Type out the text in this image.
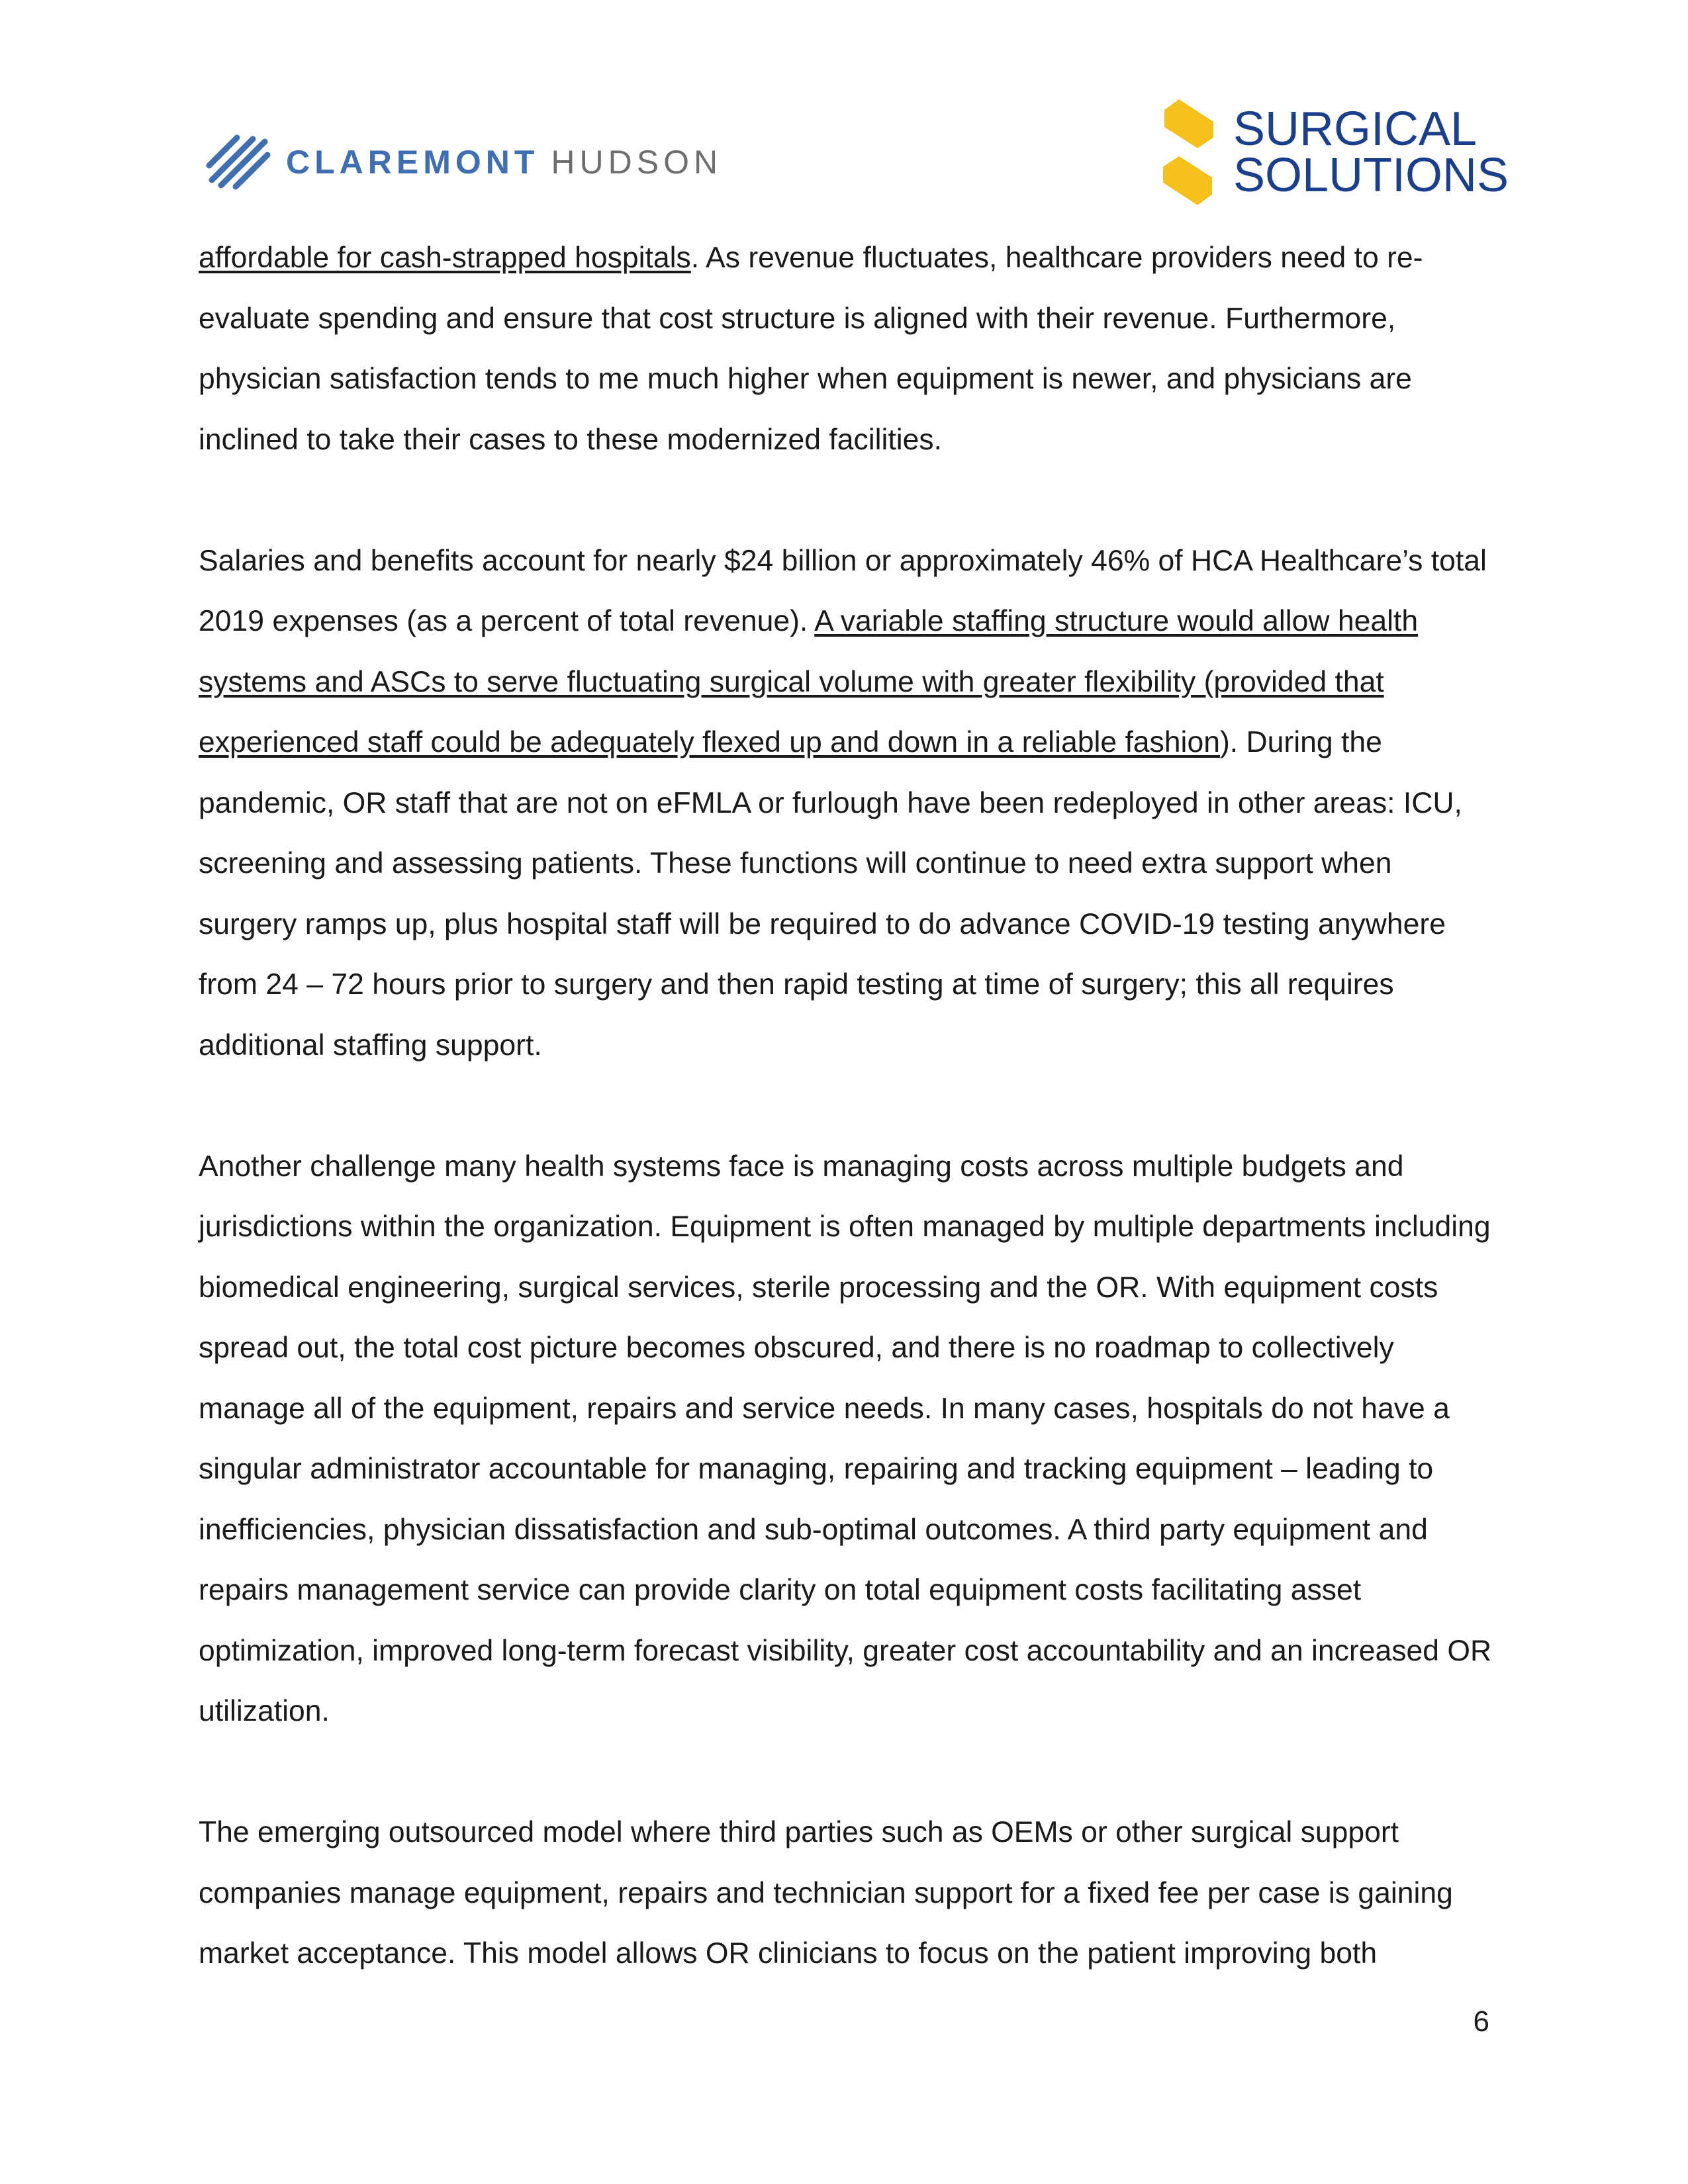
CLAREMONT HUDSON
SURGICAL
SOLUTIONS

affordable for cash-strapped hospitals. As revenue fluctuates, healthcare providers need to re-evaluate spending and ensure that cost structure is aligned with their revenue. Furthermore, physician satisfaction tends to me much higher when equipment is newer, and physicians are inclined to take their cases to these modernized facilities.

Salaries and benefits account for nearly $24 billion or approximately 46% of HCA Healthcare’s total 2019 expenses (as a percent of total revenue). A variable staffing structure would allow health systems and ASCs to serve fluctuating surgical volume with greater flexibility (provided that experienced staff could be adequately flexed up and down in a reliable fashion). During the pandemic, OR staff that are not on eFMLA or furlough have been redeployed in other areas: ICU, screening and assessing patients. These functions will continue to need extra support when surgery ramps up, plus hospital staff will be required to do advance COVID-19 testing anywhere from 24 – 72 hours prior to surgery and then rapid testing at time of surgery; this all requires additional staffing support.

Another challenge many health systems face is managing costs across multiple budgets and jurisdictions within the organization. Equipment is often managed by multiple departments including biomedical engineering, surgical services, sterile processing and the OR. With equipment costs spread out, the total cost picture becomes obscured, and there is no roadmap to collectively manage all of the equipment, repairs and service needs. In many cases, hospitals do not have a singular administrator accountable for managing, repairing and tracking equipment – leading to inefficiencies, physician dissatisfaction and sub-optimal outcomes. A third party equipment and repairs management service can provide clarity on total equipment costs facilitating asset optimization, improved long-term forecast visibility, greater cost accountability and an increased OR utilization.

The emerging outsourced model where third parties such as OEMs or other surgical support companies manage equipment, repairs and technician support for a fixed fee per case is gaining market acceptance. This model allows OR clinicians to focus on the patient improving both

6
